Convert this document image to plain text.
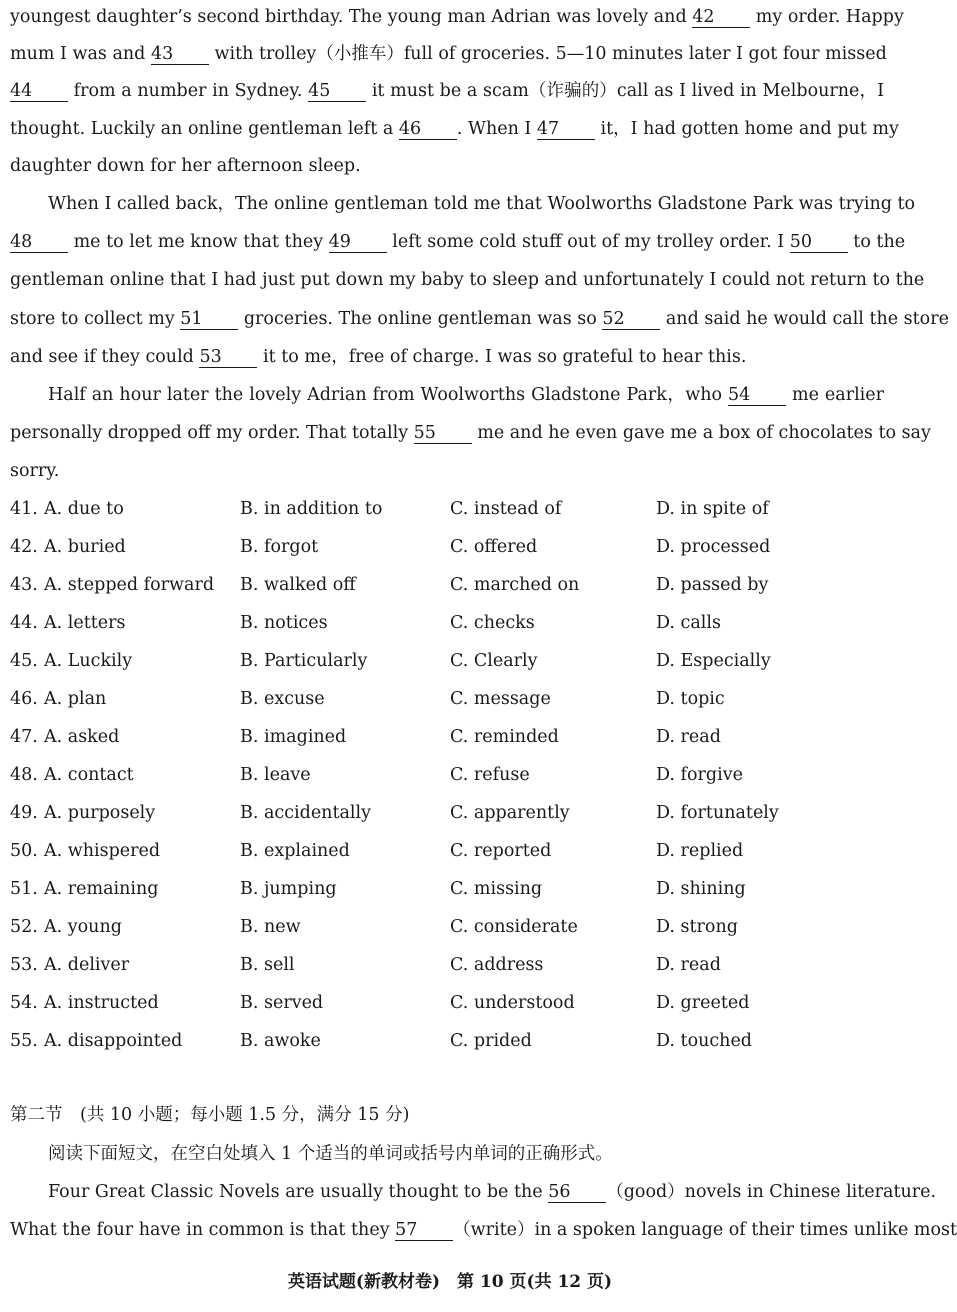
youngest daughter’s second birthday. The young man Adrian was lovely and 42 my order. Happy
mum I was and 43 with trolley（小推车）full of groceries. 5—10 minutes later I got four missed
44 from a number in Sydney. 45 it must be a scam（诈骗的）call as I lived in Melbourne，I
thought. Luckily an online gentleman left a 46 . When I 47 it，I had gotten home and put my
daughter down for her afternoon sleep.
When I called back，The online gentleman told me that Woolworths Gladstone Park was trying to
48 me to let me know that they 49 left some cold stuff out of my trolley order. I 50 to the
gentleman online that I had just put down my baby to sleep and unfortunately I could not return to the
store to collect my 51 groceries. The online gentleman was so 52 and said he would call the store
and see if they could 53 it to me，free of charge. I was so grateful to hear this.
Half an hour later the lovely Adrian from Woolworths Gladstone Park，who 54 me earlier
personally dropped off my order. That totally 55 me and he even gave me a box of chocolates to say
sorry.
41. A. due to	B. in addition to	C. instead of	D. in spite of
42. A. buried	B. forgot	C. offered	D. processed
43. A. stepped forward B. walked off	C. marched on	D. passed by
44. A. letters	B. notices	C. checks	D. calls
45. A. Luckily	B. Particularly	C. Clearly	D. Especially
46. A. plan	B. excuse	C. message	D. topic
47. A. asked	B. imagined	C. reminded	D. read
48. A. contact	B. leave	C. refuse	D. forgive
49. A. purposely	B. accidentally	C. apparently	D. fortunately
50. A. whispered	B. explained	C. reported	D. replied
51. A. remaining	B. jumping	C. missing	D. shining
52. A. young	B. new	C. considerate	D. strong
53. A. deliver	B. sell	C. address	D. read
54. A. instructed	B. served	C. understood	D. greeted
55. A. disappointed	B. awoke	C. prided	D. touched
第二节　(共 10 小题；每小题 1.5 分，满分 15 分)
阅读下面短文，在空白处填入 1 个适当的单词或括号内单词的正确形式。
Four Great Classic Novels are usually thought to be the 56 （good）novels in Chinese literature.
What the four have in common is that they 57 （write）in a spoken language of their times unlike most
英语试题(新教材卷)　第 10 页(共 12 页)
